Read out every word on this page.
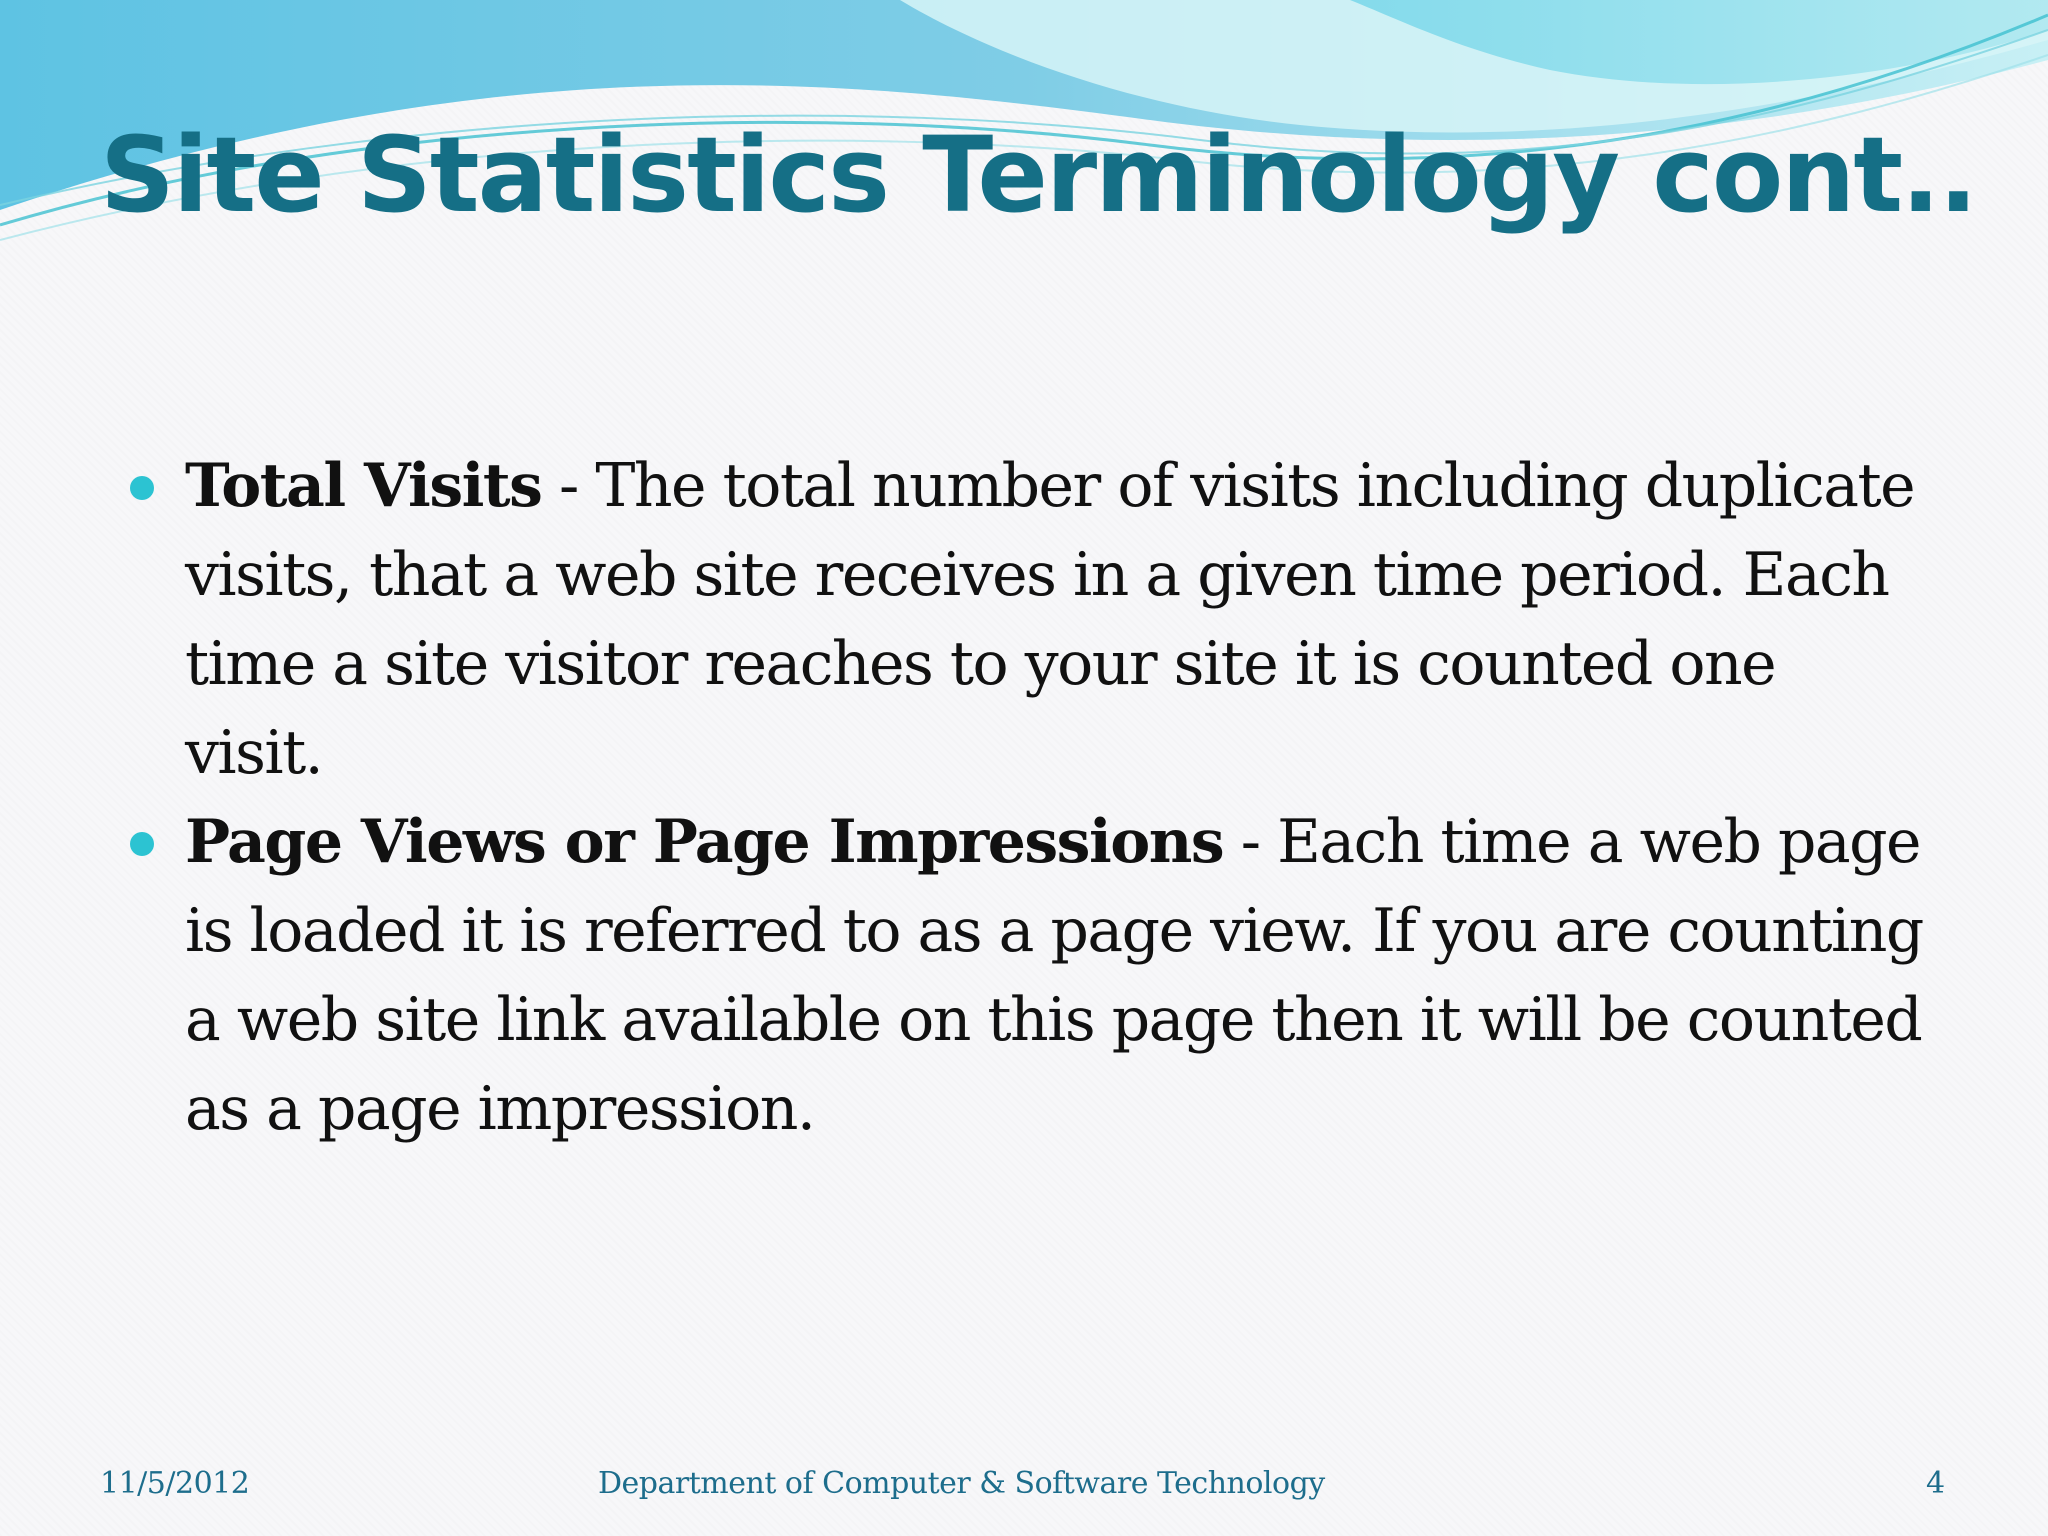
Site Statistics Terminology cont..
Total Visits - The total number of visits including duplicate visits, that a web site receives in a given time period. Each time a site visitor reaches to your site it is counted one visit.
Page Views or Page Impressions - Each time a web page is loaded it is referred to as a page view. If you are counting a web site link available on this page then it will be counted as a page impression.
11/5/2012	Department of Computer & Software Technology	4
